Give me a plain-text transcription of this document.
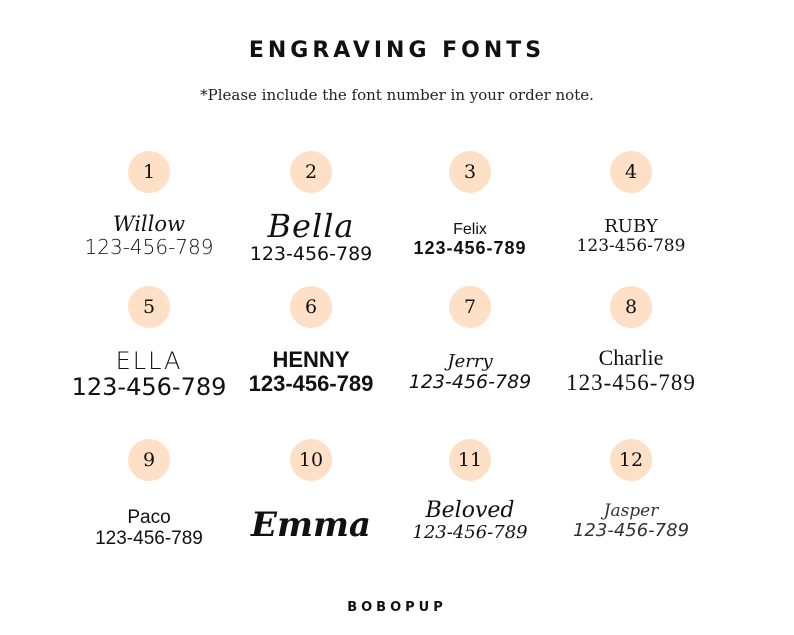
ENGRAVING FONTS
*Please include the font number in your order note.
1
Willow
123-456-789
2
Bella
123-456-789
3
Felix
123-456-789
4
RUBY
123-456-789
5
ELLA
123-456-789
6
HENNY
123-456-789
7
Jerry
123-456-789
8
Charlie
123-456-789
9
Paco
123-456-789
10
Emma
11
Beloved
123-456-789
12
Jasper
123-456-789
BOBOPUP
